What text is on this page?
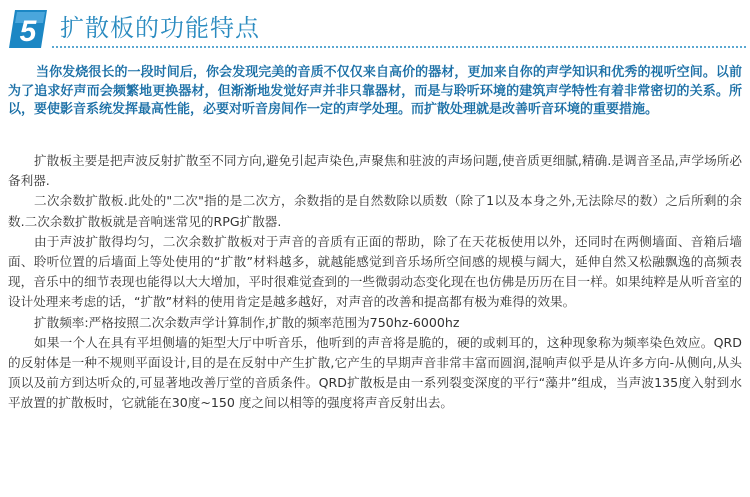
5 扩散板的功能特点
当你发烧很长的一段时间后，你会发现完美的音质不仅仅来自高价的器材，更加来自你的声学知识和优秀的视听空间。以前为了追求好声而会频繁地更换器材，但渐渐地发觉好声并非只靠器材，而是与聆听环境的建筑声学特性有着非常密切的关系。所以，要使影音系统发挥最高性能，必要对听音房间作一定的声学处理。而扩散处理就是改善听音环境的重要措施。

扩散板主要是把声波反射扩散至不同方向,避免引起声染色,声聚焦和驻波的声场问题,使音质更细腻,精确.是调音圣品,声学场所必备利器.

二次余数扩散板.此处的"二次"指的是二次方，余数指的是自然数除以质数（除了1以及本身之外,无法除尽的数）之后所剩的余数.二次余数扩散板就是音响迷常见的RPG扩散器.

由于声波扩散得均匀，二次余数扩散板对于声音的音质有正面的帮助，除了在天花板使用以外，还同时在两侧墙面、音箱后墙面、聆听位置的后墙面上等处使用的“扩散”材料越多，就越能感觉到音乐场所空间感的规模与阔大，延伸自然又松融飘逸的高频表现，音乐中的细节表现也能得以大大增加，平时很难觉查到的一些微弱动态变化现在也仿佛是历历在目一样。如果纯粹是从听音室的设计处理来考虑的话，“扩散”材料的使用肯定是越多越好，对声音的改善和提高都有极为难得的效果。

扩散频率:严格按照二次余数声学计算制作,扩散的频率范围为750hz-6000hz

如果一个人在具有平坦侧墙的矩型大厅中听音乐，他听到的声音将是脆的，硬的或刺耳的，这种现象称为频率染色效应。QRD的反射体是一种不规则平面设计,目的是在反射中产生扩散,它产生的早期声音非常丰富而圆润,混响声似乎是从许多方向-从侧向,从头顶以及前方到达听众的,可显著地改善厅堂的音质条件。QRD扩散板是由一系列裂变深度的平行“藻井”组成，当声波135度入射到水平放置的扩散板时，它就能在30度~150 度之间以相等的强度将声音反射出去。
